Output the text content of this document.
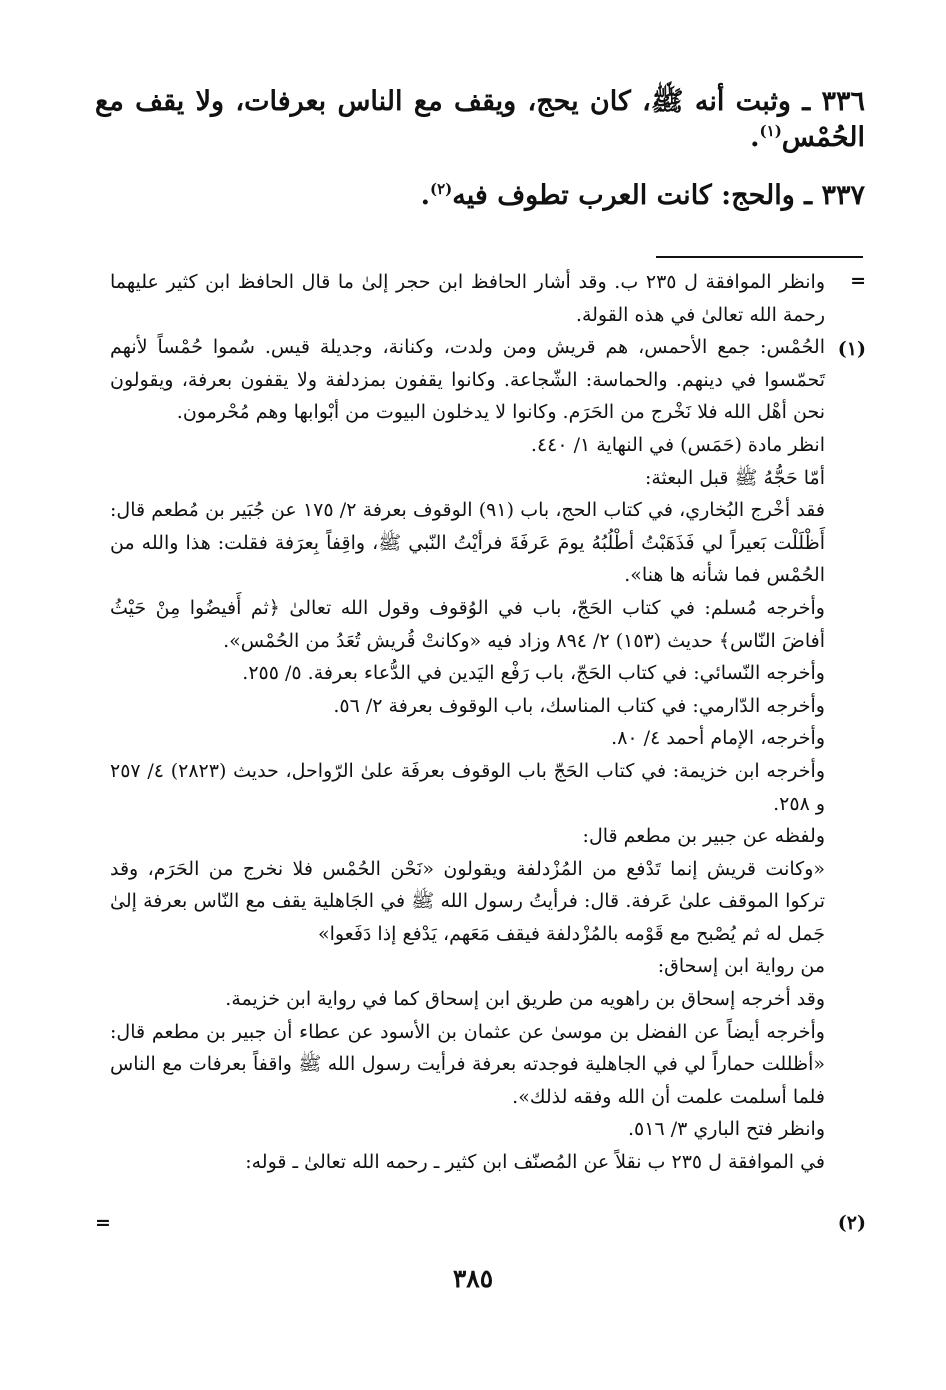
٣٣٦ ـ وثبت أنه ﷺ، كان يحج، ويقف مع الناس بعرفات، ولا يقف مع الحُمْس$^{(١)}$.
٣٣٧ ـ والحج: كانت العرب تطوف فيه$^{(٢)}$.
=
(١)
(٢)
=

وانظر الموافقة ل ٢٣٥ ب. وقد أشار الحافظ ابن حجر إلىٰ ما قال الحافظ ابن كثير عليهما رحمة الله تعالىٰ في هذه القولة.

الحُمْس: جمع الأحمس، هم قريش ومن ولدت، وكنانة، وجديلة قيس. سُموا حُمْساً لأنهم تَحمّسوا في دينهم. والحماسة: الشّجاعة. وكانوا يقفون بمزدلفة ولا يقفون بعرفة، ويقولون نحن أهْل الله فلا نَخْرج من الحَرَم. وكانوا لا يدخلون البيوت من أبْوابها وهم مُحْرمون.

انظر مادة (حَمَس) في النهاية ١/ ٤٤٠.

أمّا حَجُّهُ ﷺ قبل البعثة:

فقد أخْرج البُخاري، في كتاب الحج، باب (٩١) الوقوف بعرفة ٢/ ١٧٥ عن جُبَير بن مُطعم قال: أَظْلَلْت بَعيراً لي فَذَهَبْتُ أطْلُبُهُ يومَ عَرفَةَ فرأيْتُ النّبي ﷺ، واقِفاً بِعرَفة فقلت: هذا والله من الحُمْس فما شأنه ها هنا».

وأخرجه مُسلم: في كتاب الحَجّ، باب في الوُقوف وقول الله تعالىٰ ﴿ثم أَفيضُوا مِنْ حَيْثُ أفاضَ النّاس﴾ حديث (١٥٣) ٢/ ٨٩٤ وزاد فيه «وكانتْ قُريش تُعَدُ من الحُمْس».

وأخرجه النّسائي: في كتاب الحَجّ، باب رَفْع اليَدين في الدُّعاء بعرفة. ٥/ ٢٥٥.

وأخرجه الدّارمي: في كتاب المناسك، باب الوقوف بعرفة ٢/ ٥٦.

وأخرجه، الإمام أحمد ٤/ ٨٠.

وأخرجه ابن خزيمة: في كتاب الحَجّ باب الوقوف بعرفَة علىٰ الرّواحل، حديث (٢٨٢٣) ٤/ ٢٥٧ و ٢٥٨.

ولفظه عن جبير بن مطعم قال:

«وكانت قريش إنما تَدْفع من المُزْدلفة ويقولون «نَحْن الحُمْس فلا نخرج من الحَرَم، وقد تركوا الموقف علىٰ عَرفة. قال: فرأيتُ رسول الله ﷺ في الجَاهلية يقف مع النّاس بعرفة إلىٰ جَمل له ثم يُصْبح مع قَوْمه بالمُزْدلفة فيقف مَعَهم، يَدْفع إذا دَفَعوا»

من رواية ابن إسحاق:

وقد أخرجه إسحاق بن راهويه من طريق ابن إسحاق كما في رواية ابن خزيمة.

وأخرجه أيضاً عن الفضل بن موسىٰ عن عثمان بن الأسود عن عطاء أن جبير بن مطعم قال: «أظللت حماراً لي في الجاهلية فوجدته بعرفة فرأيت رسول الله ﷺ واقفاً بعرفات مع الناس فلما أسلمت علمت أن الله وفقه لذلك».

وانظر فتح الباري ٣/ ٥١٦.

في الموافقة ل ٢٣٥ ب نقلاً عن المُصنّف ابن كثير ـ رحمه الله تعالىٰ ـ قوله:

٣٨٥
